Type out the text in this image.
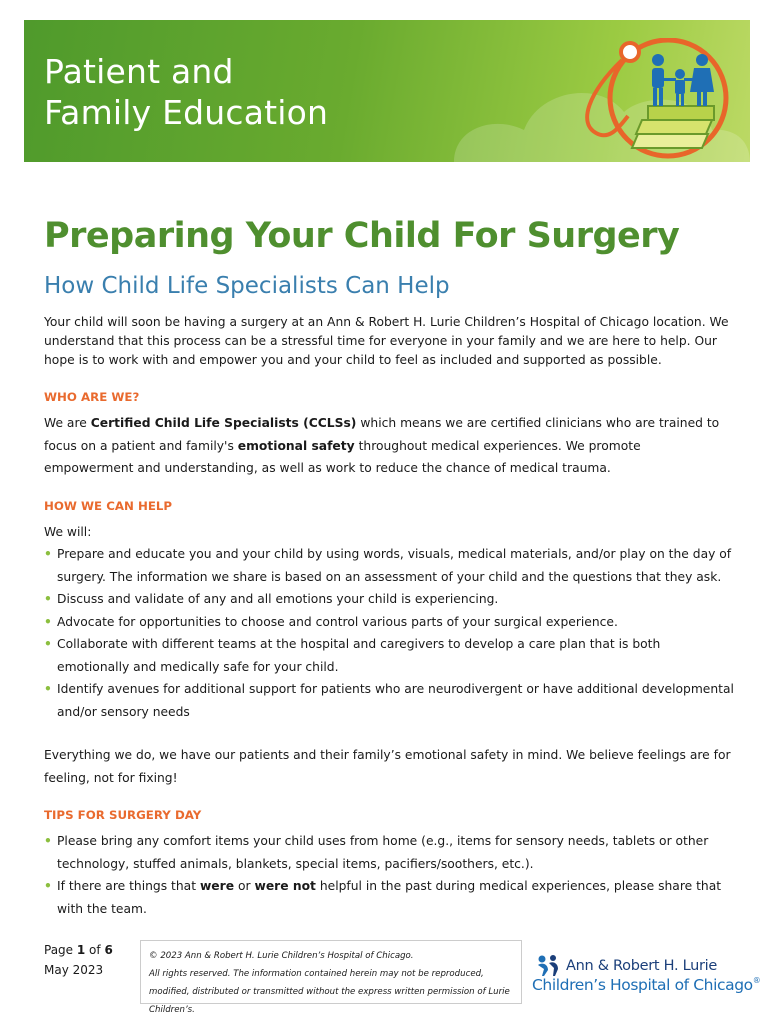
Patient and
Family Education
Preparing Your Child For Surgery
How Child Life Specialists Can Help

Your child will soon be having a surgery at an Ann & Robert H. Lurie Children’s Hospital of Chicago location. We understand that this process can be a stressful time for everyone in your family and we are here to help. Our hope is to work with and empower you and your child to feel as included and supported as possible.

WHO ARE WE?

We are Certified Child Life Specialists (CCLSs) which means we are certified clinicians who are trained to focus on a patient and family's emotional safety throughout medical experiences. We promote empowerment and understanding, as well as work to reduce the chance of medical trauma.

HOW WE CAN HELP

We will:

• Prepare and educate you and your child by using words, visuals, medical materials, and/or play on the day of surgery. The information we share is based on an assessment of your child and the questions that they ask.
• Discuss and validate of any and all emotions your child is experiencing.
• Advocate for opportunities to choose and control various parts of your surgical experience.
• Collaborate with different teams at the hospital and caregivers to develop a care plan that is both emotionally and medically safe for your child.
• Identify avenues for additional support for patients who are neurodivergent or have additional developmental and/or sensory needs

Everything we do, we have our patients and their family’s emotional safety in mind. We believe feelings are for feeling, not for fixing!

TIPS FOR SURGERY DAY
• Please bring any comfort items your child uses from home (e.g., items for sensory needs, tablets or other technology, stuffed animals, blankets, special items, pacifiers/soothers, etc.).
• If there are things that were or were not helpful in the past during medical experiences, please share that with the team.
Page 1 of 6
May 2023
© 2023 Ann & Robert H. Lurie Children’s Hospital of Chicago.
All rights reserved. The information contained herein may not be reproduced, modified, distributed or transmitted without the express written permission of Lurie Children’s.
Ann & Robert H. Lurie
Children’s Hospital of Chicago®
